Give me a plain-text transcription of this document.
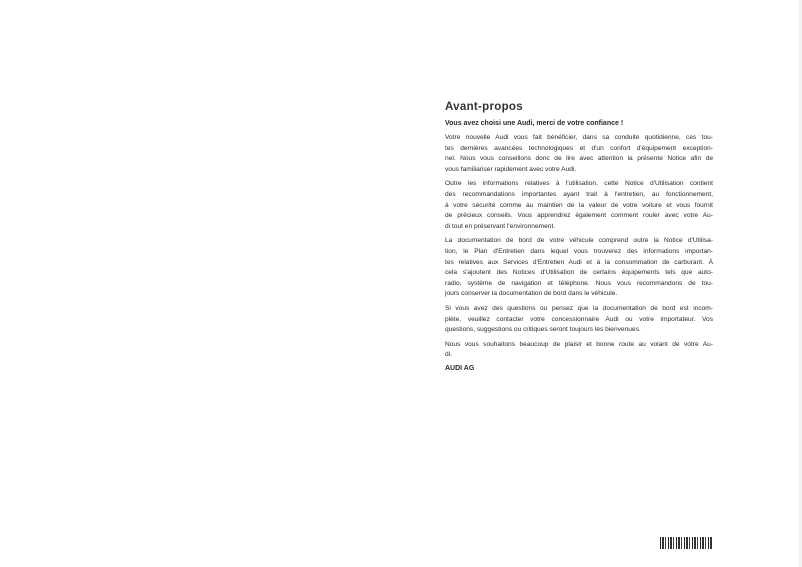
Avant-propos
Vous avez choisi une Audi, merci de votre confiance !
Votre nouvelle Audi vous fait bénéficier, dans sa conduite quotidienne, ces tou-
tes dernières avancées technologiques et d'un confort d'équipement exception-
nel. Nous vous conseillons donc de lire avec attention la présente Notice afin de
vous familiariser rapidement avec votre Audi.
Outre les informations relatives à l'utilisation, cette Notice d'Utilisation contient
des recommandations importantes ayant trait à l'entretien, au fonctionnement,
à votre sécurité comme au maintien de la valeur de votre voiture et vous fournit
de précieux conseils. Vous apprendrez également comment rouler avec votre Au-
di tout en préservant l'environnement.
La documentation de bord de votre véhicule comprend outre la Notice d'Utilisa-
tion, le Plan d'Entretien dans lequel vous trouverez des informations importan-
tes relatives aux Services d'Entretien Audi et à la consommation de carburant. À
cela s'ajoutent des Notices d'Utilisation de certains équipements tels que auto-
radio, système de navigation et téléphone. Nous vous recommandons de tou-
jours conserver la documentation de bord dans le véhicule.
Si vous avez des questions ou pensez que la documentation de bord est incom-
plète, veuillez contacter votre concessionnaire Audi ou votre importateur. Vos
questions, suggestions ou critiques seront toujours les bienvenues.
Nous vous souhaitons beaucoup de plaisir et bonne route au volant de votre Au-
di.
AUDI AG
